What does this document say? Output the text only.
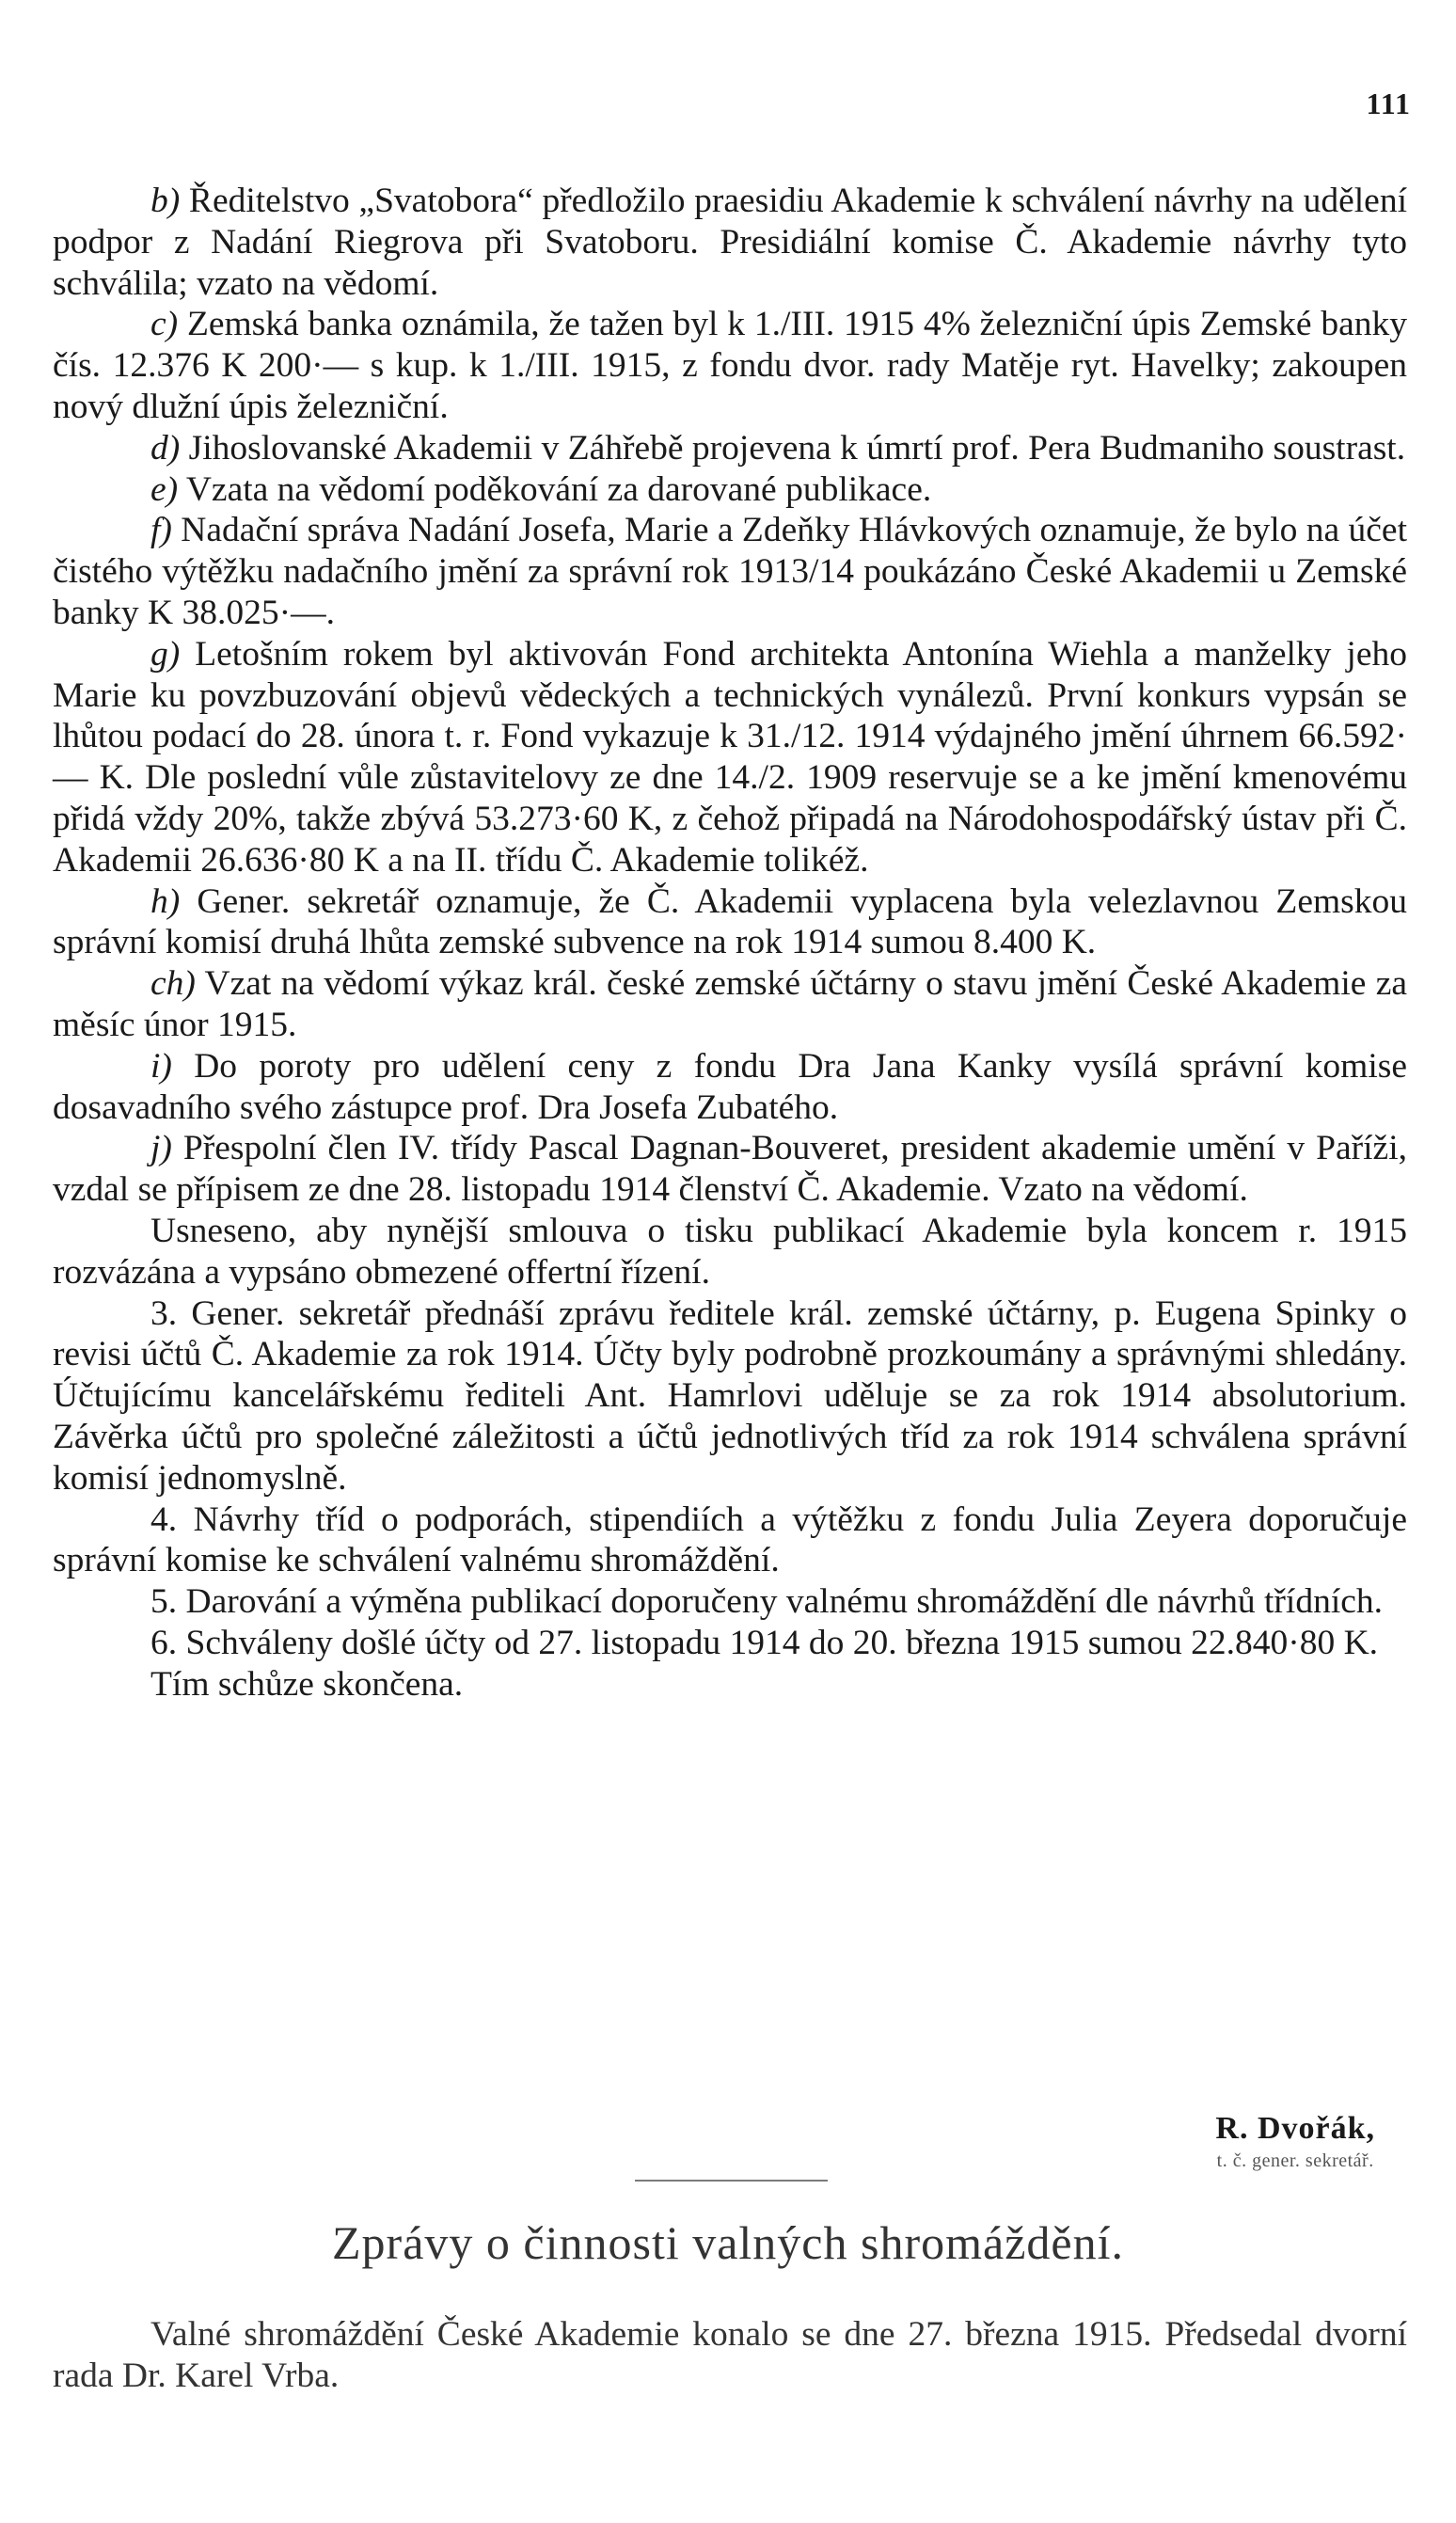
111

b) Ředitelstvo „Svatobora“ předložilo praesidiu Akademie k schválení návrhy na udělení podpor z Nadání Riegrova při Svatoboru. Presidiální komise Č. Akademie návrhy tyto schválila; vzato na vědomí.

c) Zemská banka oznámila, že tažen byl k 1./III. 1915 4% železniční úpis Zemské banky čís. 12.376 K 200·— s kup. k 1./III. 1915, z fondu dvor. rady Matěje ryt. Havelky; zakoupen nový dlužní úpis železniční.

d) Jihoslovanské Akademii v Záhřebě projevena k úmrtí prof. Pera Budmaniho soustrast.

e) Vzata na vědomí poděkování za darované publikace.

f) Nadační správa Nadání Josefa, Marie a Zdeňky Hlávkových oznamuje, že bylo na účet čistého výtěžku nadačního jmění za správní rok 1913/14 poukázáno České Akademii u Zemské banky K 38.025·—.

g) Letošním rokem byl aktivován Fond architekta Antonína Wiehla a manželky jeho Marie ku povzbuzování objevů vědeckých a technických vynálezů. První konkurs vypsán se lhůtou podací do 28. února t. r. Fond vykazuje k 31./12. 1914 výdajného jmění úhrnem 66.592·— K. Dle poslední vůle zůstavitelovy ze dne 14./2. 1909 reservuje se a ke jmění kmenovému přidá vždy 20%, takže zbývá 53.273·60 K, z čehož připadá na Národohospodářský ústav při Č. Akademii 26.636·80 K a na II. třídu Č. Akademie tolikéž.

h) Gener. sekretář oznamuje, že Č. Akademii vyplacena byla velezlavnou Zemskou správní komisí druhá lhůta zemské subvence na rok 1914 sumou 8.400 K.

ch) Vzat na vědomí výkaz král. české zemské účtárny o stavu jmění České Akademie za měsíc únor 1915.

i) Do poroty pro udělení ceny z fondu Dra Jana Kanky vysílá správní komise dosavadního svého zástupce prof. Dra Josefa Zubatého.

j) Přespolní člen IV. třídy Pascal Dagnan-Bouveret, president akademie umění v Paříži, vzdal se přípisem ze dne 28. listopadu 1914 členství Č. Akademie. Vzato na vědomí.

Usneseno, aby nynější smlouva o tisku publikací Akademie byla koncem r. 1915 rozvázána a vypsáno obmezené offertní řízení.

3. Gener. sekretář přednáší zprávu ředitele král. zemské účtárny, p. Eugena Spinky o revisi účtů Č. Akademie za rok 1914. Účty byly podrobně prozkoumány a správnými shledány. Účtujícímu kancelářskému řediteli Ant. Hamrlovi uděluje se za rok 1914 absolutorium. Závěrka účtů pro společné záležitosti a účtů jednotlivých tříd za rok 1914 schválena správní komisí jednomyslně.

4. Návrhy tříd o podporách, stipendiích a výtěžku z fondu Julia Zeyera doporučuje správní komise ke schválení valnému shromáždění.

5. Darování a výměna publikací doporučeny valnému shromáždění dle návrhů třídních.

6. Schváleny došlé účty od 27. listopadu 1914 do 20. března 1915 sumou 22.840·80 K.

Tím schůze skončena.

R. Dvořák,
t. č. gener. sekretář.
Zprávy o činnosti valných shromáždění.

Valné shromáždění České Akademie konalo se dne 27. března 1915. Předsedal dvorní rada Dr. Karel Vrba.
